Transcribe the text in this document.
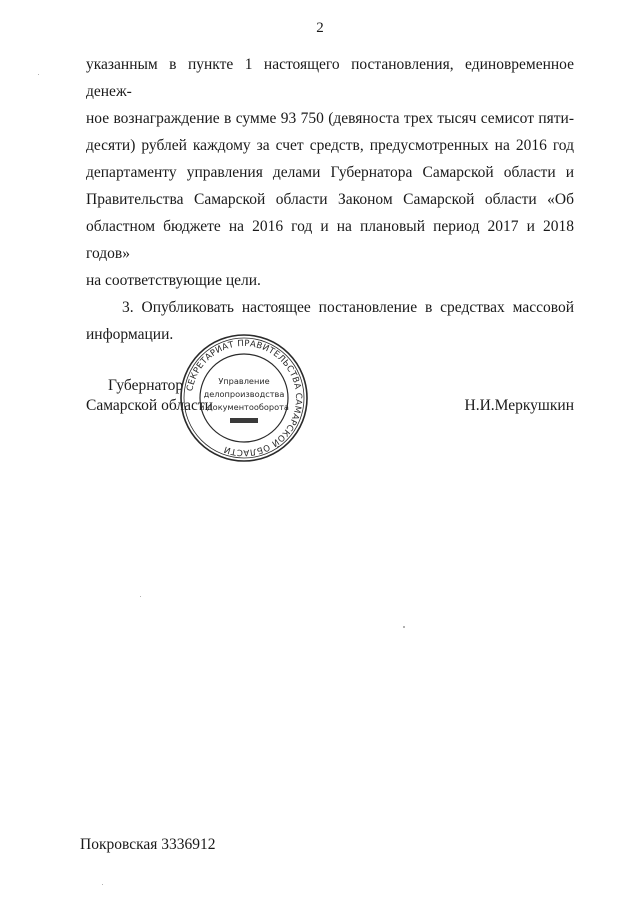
2

указанным в пункте 1 настоящего постановления, единовременное денеж-
ное вознаграждение в сумме 93 750 (девяноста трех тысяч семисот пяти-
десяти) рублей каждому за счет средств, предусмотренных на 2016 год
департаменту управления делами Губернатора Самарской области и
Правительства Самарской области Законом Самарской области «Об
областном бюджете на 2016 год и на плановый период 2017 и 2018 годов»
на соответствующие цели.

3. Опубликовать настоящее постановление в средствах массовой
информации.

Губернатор
Самарской области
СЕКРЕТАРИАТ ПРАВИТЕЛЬСТВА САМАРСКОЙ ОБЛАСТИ
Управление
делопроизводства
и документооборота	Н.И.Меркушкин
Покровская 3336912
